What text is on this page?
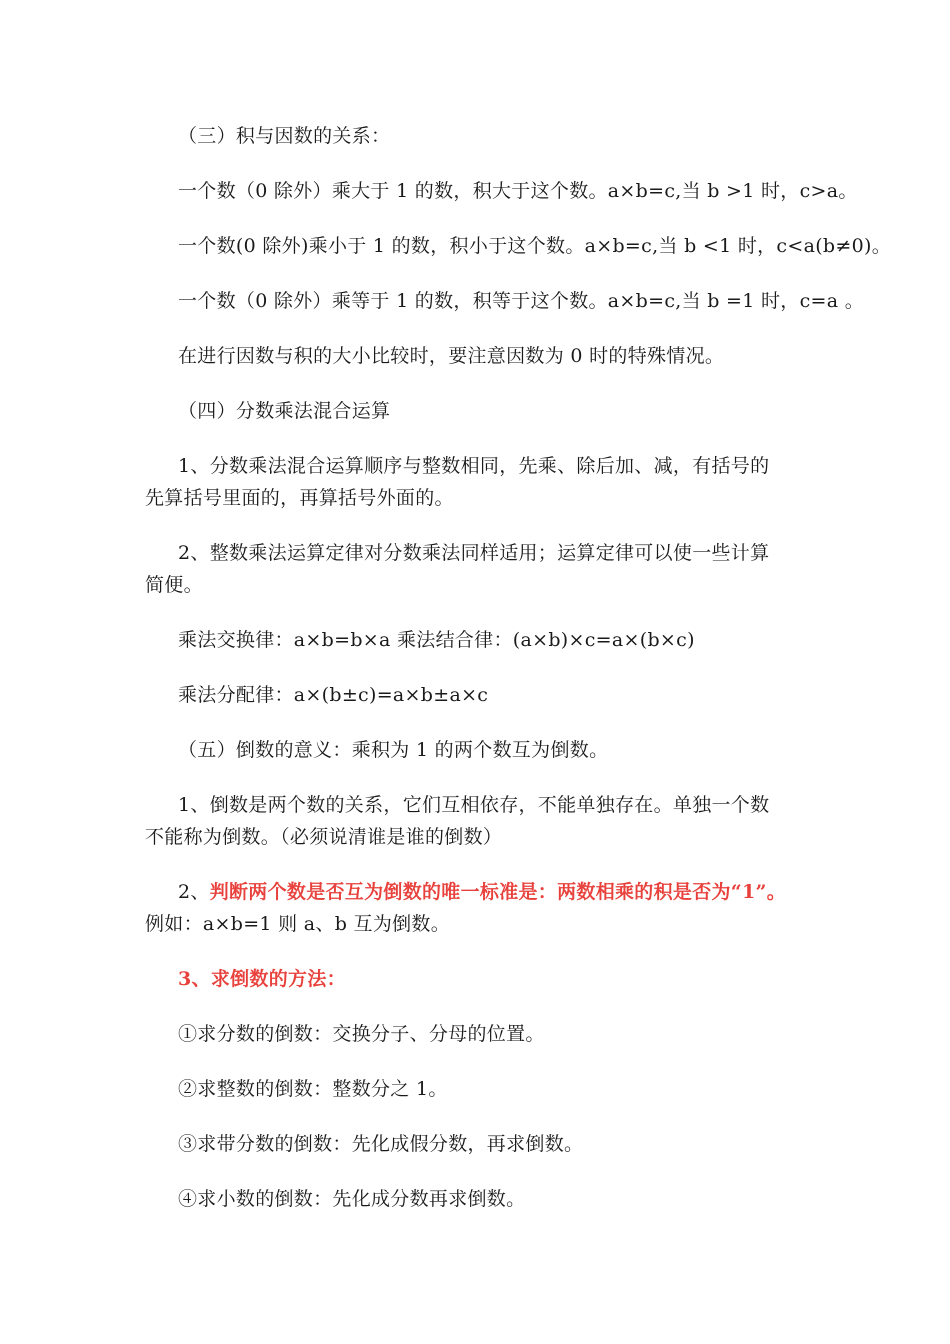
（三）积与因数的关系：

一个数（0 除外）乘大于 1 的数，积大于这个数。a×b=c,当 b >1 时，c>a。

一个数(0 除外)乘小于 1 的数，积小于这个数。a×b=c,当 b <1 时，c<a(b≠0)。

一个数（0 除外）乘等于 1 的数，积等于这个数。a×b=c,当 b =1 时，c=a 。

在进行因数与积的大小比较时，要注意因数为 0 时的特殊情况。

（四）分数乘法混合运算

1、分数乘法混合运算顺序与整数相同，先乘、除后加、减，有括号的

先算括号里面的，再算括号外面的。

2、整数乘法运算定律对分数乘法同样适用；运算定律可以使一些计算

简便。

乘法交换律：a×b=b×a 乘法结合律：(a×b)×c=a×(b×c)

乘法分配律：a×(b±c)=a×b±a×c

（五）倒数的意义：乘积为 1 的两个数互为倒数。

1、倒数是两个数的关系，它们互相依存，不能单独存在。单独一个数

不能称为倒数。（必须说清谁是谁的倒数）

2、判断两个数是否互为倒数的唯一标准是：两数相乘的积是否为“1”。

例如：a×b=1 则 a、b 互为倒数。

3、求倒数的方法：

①求分数的倒数：交换分子、分母的位置。

②求整数的倒数：整数分之 1。

③求带分数的倒数：先化成假分数，再求倒数。

④求小数的倒数：先化成分数再求倒数。
